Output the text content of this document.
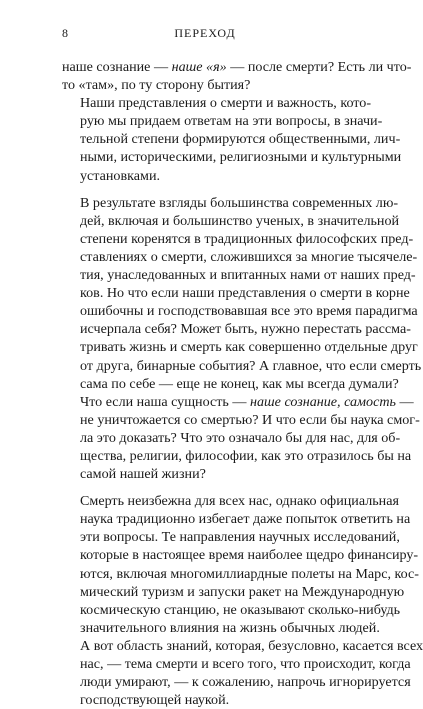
8	ПЕРЕХОД

наше сознание — наше «я» — после смерти? Есть ли что-
то «там», по ту сторону бытия?

Наши представления о смерти и важность, кото-
рую мы придаем ответам на эти вопросы, в значи-
тельной степени формируются общественными, лич-
ными, историческими, религиозными и культурными
установками.

В результате взгляды большинства современных лю-
дей, включая и большинство ученых, в значительной
степени коренятся в традиционных философских пред-
ставлениях о смерти, сложившихся за многие тысячеле-
тия, унаследованных и впитанных нами от наших пред-
ков. Но что если наши представления о смерти в корне
ошибочны и господствовавшая все это время парадигма
исчерпала себя? Может быть, нужно перестать рассма-
тривать жизнь и смерть как совершенно отдельные друг
от друга, бинарные события? А главное, что если смерть
сама по себе — еще не конец, как мы всегда думали?
Что если наша сущность — наше сознание, самость —
не уничтожается со смертью? И что если бы наука смог-
ла это доказать? Что это означало бы для нас, для об-
щества, религии, философии, как это отразилось бы на
самой нашей жизни?

Смерть неизбежна для всех нас, однако официальная
наука традиционно избегает даже попыток ответить на
эти вопросы. Те направления научных исследований,
которые в настоящее время наиболее щедро финансиру-
ются, включая многомиллиардные полеты на Марс, кос-
мический туризм и запуски ракет на Международную
космическую станцию, не оказывают сколько-нибудь
значительного влияния на жизнь обычных людей.
А вот область знаний, которая, безусловно, касается всех
нас, — тема смерти и всего того, что происходит, когда
люди умирают, — к сожалению, напрочь игнорируется
господствующей наукой.
